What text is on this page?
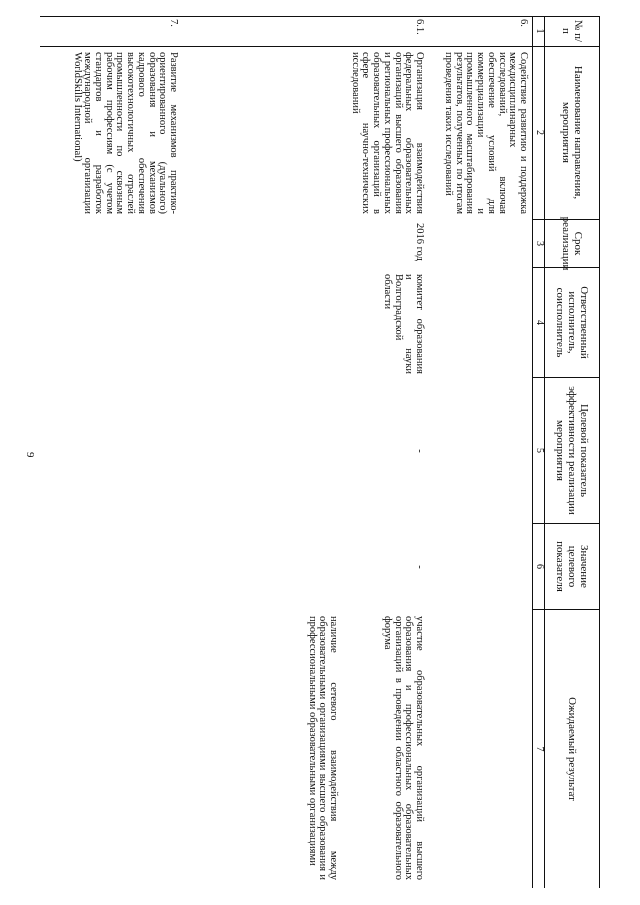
9
№ п/п
Наименование направления, мероприятия
Срок реализации
Ответственный исполнитель, соисполнитель
Целевой показатель эффективности реализации мероприятия
Значение целевого показателя
Ожидаемый результат
1
2
3
4
5
6
7
6.
Содействие развитию и поддержка междисциплинарных исследований, включая обеспечение условий для коммерциализации и промышленного масштабирования результатов, полученных по итогам проведения таких исследований
6.1.
Организация взаимодействия федеральных образовательных организаций высшего образования и региональных профессиональных образовательных организаций в сфере научно-технических исследований
2016 год
комитет образования и науки Волгоградской области
-
-
участие образовательных организаций высшего образования и профессиональных образовательных организаций в проведении областного образовательного форума
наличие сетевого взаимодействия между образовательными организациями высшего образования и профессиональными образовательными организациями
7.
Развитие механизмов практико-ориентированного (дуального) образования и механизмов кадрового обеспечения высокотехнологичных отраслей промышленности по сквозным рабочим профессиям (с учетом стандартов и разработок международной организации WorldSkills International)
